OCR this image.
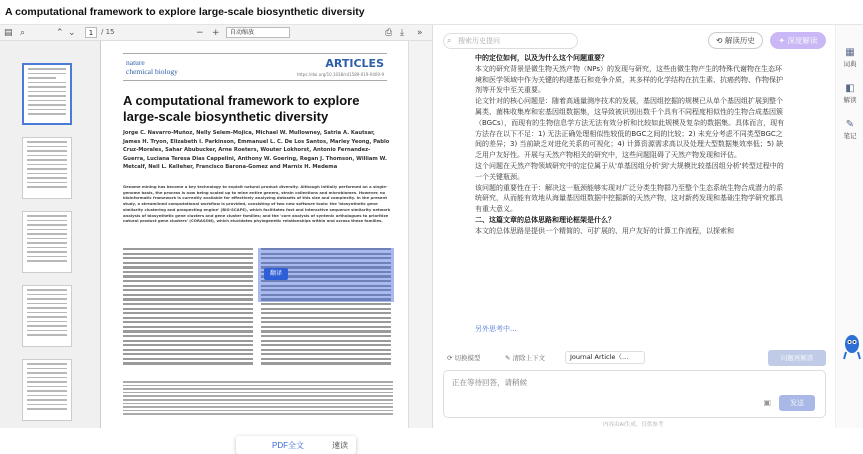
A computational framework to explore large-scale biosynthetic diversity
▤ ⌕	⌃ ⌄	1	/ 15	− +	自动缩放	⎙ ⤓ »
nature
chemical biology
ARTICLES
https://doi.org/10.1038/s41589-019-0400-9
A computational framework to explore large-scale biosynthetic diversity
Jorge C. Navarro-Muñoz, Nelly Selem-Mojica, Michael W. Mullowney, Satria A. Kautsar, James H. Tryon, Elizabeth I. Parkinson, Emmanuel L. C. De Los Santos, Marley Yeong, Pablo Cruz-Morales, Sahar Abubucker, Arne Roeters, Wouter Lokhorst, Antonio Fernandez-Guerra, Luciana Teresa Dias Cappelini, Anthony W. Goering, Regan J. Thomson, William W. Metcalf, Neil L. Kelleher, Francisco Barona-Gomez and Marnix H. Medema
Genome mining has become a key technology to exploit natural product diversity. Although initially performed on a single-genome basis, the process is now being scaled up to mine entire genera, strain collections and microbiomes. However, no bioinformatic framework is currently available for effectively analyzing datasets of this size and complexity. In the present study, a streamlined computational workflow is provided, consisting of two new software tools: the 'biosynthetic gene similarity clustering and prospecting engine' (BiG-SCAPE), which facilitates fast and interactive sequence similarity network analysis of biosynthetic gene clusters and gene cluster families; and the 'core analysis of syntenic orthologues to prioritize natural product gene clusters' (CORASON), which elucidates phylogenetic relationships within and across these families.
翻译
PDF全文	速读
搜索历史提问
⌕	⟲ 解读历史	✦ 深度解读

中的定位如何，以及为什么这个问题重要？

本文的研究背景是微生物天然产物（NPs）的发现与研究，这些由微生物产生的特殊代谢物在生态环境和医学领域中作为关键的构建基石和竞争介质，其多样的化学结构在抗生素、抗癌药物、作物保护剂等开发中至关重要。

论文针对的核心问题是：随着高通量测序技术的发展，基因组挖掘的规模已从单个基因组扩展到整个属类、菌株收集库和宏基因组数据集，这导致被识别出数千个具有不同程度相似性的生物合成基因簇（BGCs），而现有的生物信息学方法无法有效分析和比较如此规模及复杂的数据集。具体而言，现有方法存在以下不足：1) 无法正确处理相似性较低的BGC之间的比较；2) 未充分考虑不同类型BGC之间的差异；3) 当前缺乏对进化关系的可视化；4) 计算资源需求高以及处理大型数据集效率低；5) 缺乏用户友好性。开展与天然产物相关的研究中，这些问题阻碍了天然产物发现和评估。

这个问题在天然产物领域研究中的定位属于从'单基因组分析'到'大规模比较基因组分析'转型过程中的一个关键瓶颈。

该问题的重要性在于：解决这一瓶颈能够实现对广泛分类生物群乃至整个生态系统生物合成潜力的系统研究，从而能有效地从海量基因组数据中挖掘新的天然产物，这对新药发现和基础生物学研究都具有重大意义。

二、这篇文章的总体思路和理论框架是什么？

本文的总体思路是提供一个精简的、可扩展的、用户友好的计算工作流程，以探索和

另外思考中...
⟳ 切换模型	✎ 清除上下文	Journal Article（…	问题再解读
正在等待回答，请稍候
▣	发送
内容由AI生成，仅供参考
▦
词典
◧
解读
✎
笔记
